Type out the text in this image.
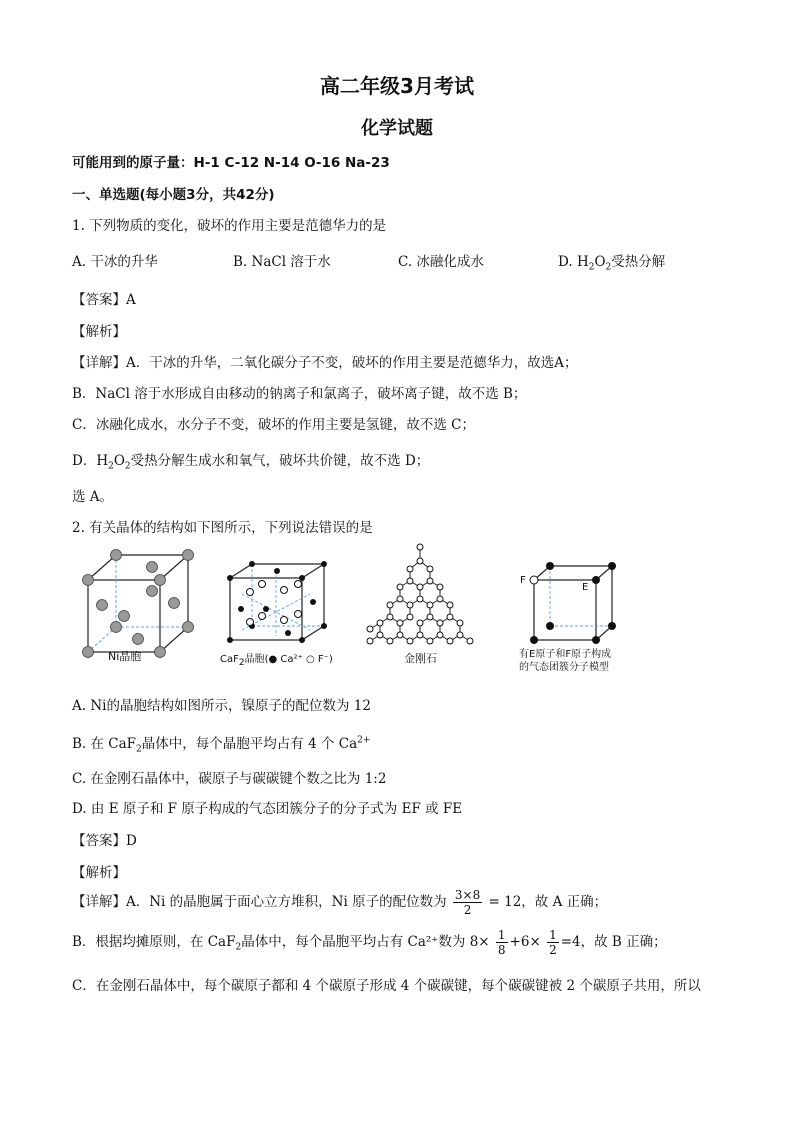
高二年级3月考试
化学试题
可能用到的原子量：H-1 C-12 N-14 O-16 Na-23
一、单选题(每小题3分，共42分)
1. 下列物质的变化，破坏的作用主要是范德华力的是
A. 干冰的升华	B. NaCl 溶于水	C. 冰融化成水	D. $H_2O_2$受热分解
【答案】A
【解析】
【详解】A．干冰的升华，二氧化碳分子不变，破坏的作用主要是范德华力，故选A；
B．NaCl 溶于水形成自由移动的钠离子和氯离子，破坏离子键，故不选 B；
C．冰融化成水，水分子不变，破坏的作用主要是氢键，故不选 C；
D．$H_2O_2$受热分解生成水和氧气，破坏共价键，故不选 D；
选 A。
2. 有关晶体的结构如下图所示，下列说法错误的是
Ni晶胞	CaF$_2$晶胞(● Ca²⁺ ○ F⁻)	金刚石
F
E
有E原子和F原子构成
的气态团簇分子模型
A. Ni的晶胞结构如图所示，镍原子的配位数为 12
B. 在 CaF$_2$晶体中，每个晶胞平均占有 4 个 $Ca^{2+}$
C. 在金刚石晶体中，碳原子与碳碳键个数之比为 1:2
D. 由 E 原子和 F 原子构成的气态团簇分子的分子式为 EF 或 FE
【答案】D
【解析】
【详解】A．Ni 的晶胞属于面心立方堆积，Ni 原子的配位数为 $\frac{3\times 8}{2} = 12$，故 A 正确；
B．根据均摊原则，在 CaF$_2$晶体中，每个晶胞平均占有 Ca²⁺数为 $8\times \frac{1}{8} +6\times \frac{1}{2} =4$，故 B 正确；
C．在金刚石晶体中，每个碳原子都和 4 个碳原子形成 4 个碳碳键，每个碳碳键被 2 个碳原子共用，所以
